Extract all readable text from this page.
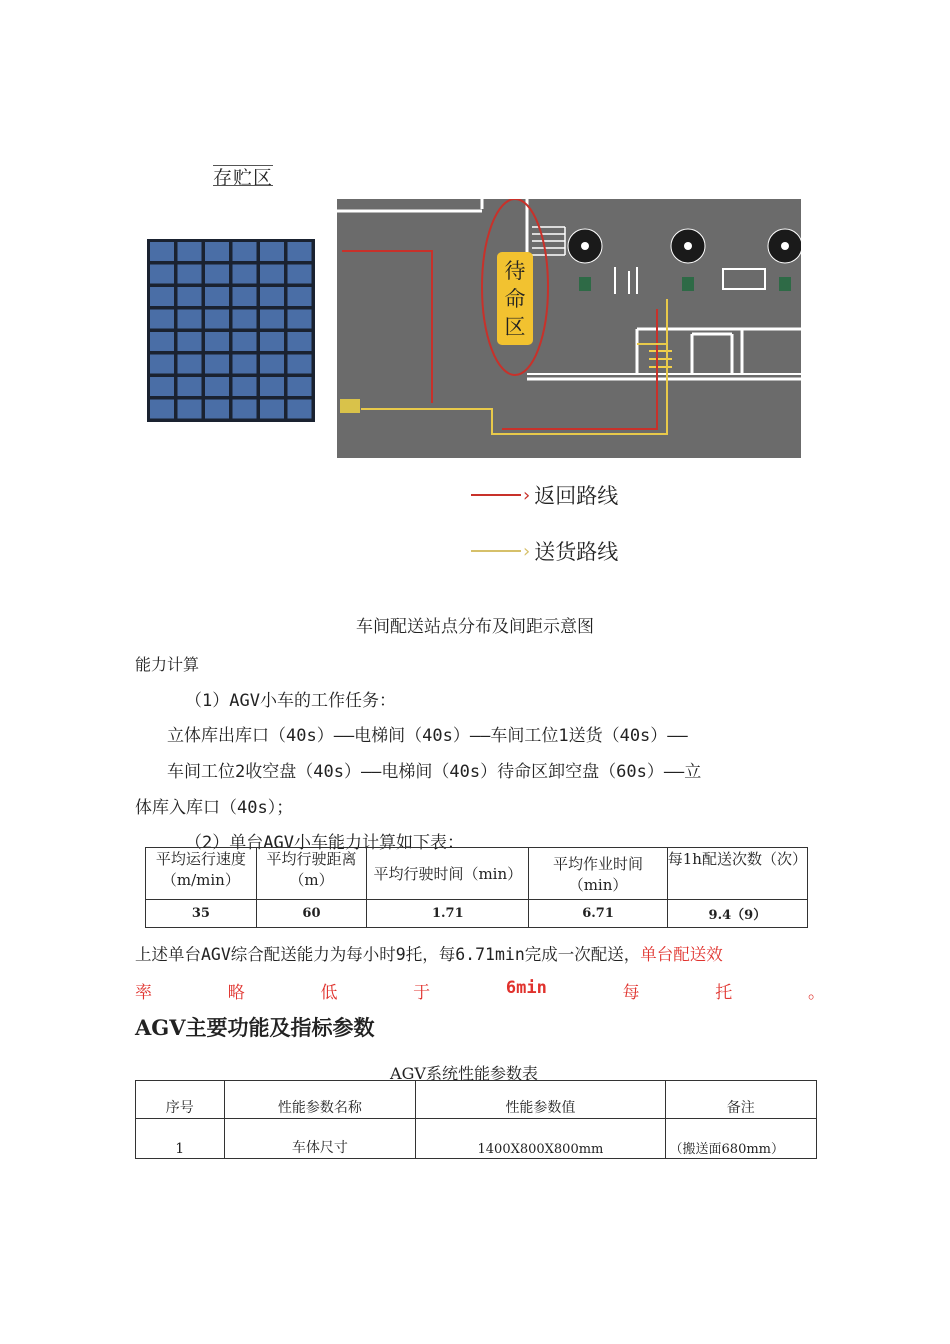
存贮区
待
命
区
› 返回路线
› 送货路线
车间配送站点分布及间距示意图
能力计算
（1）AGV小车的工作任务：
立体库出库口（40s）——电梯间（40s）——车间工位1送货（40s）——
车间工位2收空盘（40s）——电梯间（40s）待命区卸空盘（60s）——立
体库入库口（40s）；
（2）单台AGV小车能力计算如下表：
平均运行速度（m/min）	平均行驶距离（m）	平均行驶时间（min）	平均作业时间（min）	每1h配送次数（次）
35	60	1.71	6.71	9.4（9）
上述单台AGV综合配送能力为每小时9托，每6.71min完成一次配送，单台配送效
率	略	低	于	6min	每	托	。
AGV主要功能及指标参数
AGV系统性能参数表
序号	性能参数名称	性能参数值	备注
1	车体尺寸	1400X800X800mm	（搬送面680mm）
